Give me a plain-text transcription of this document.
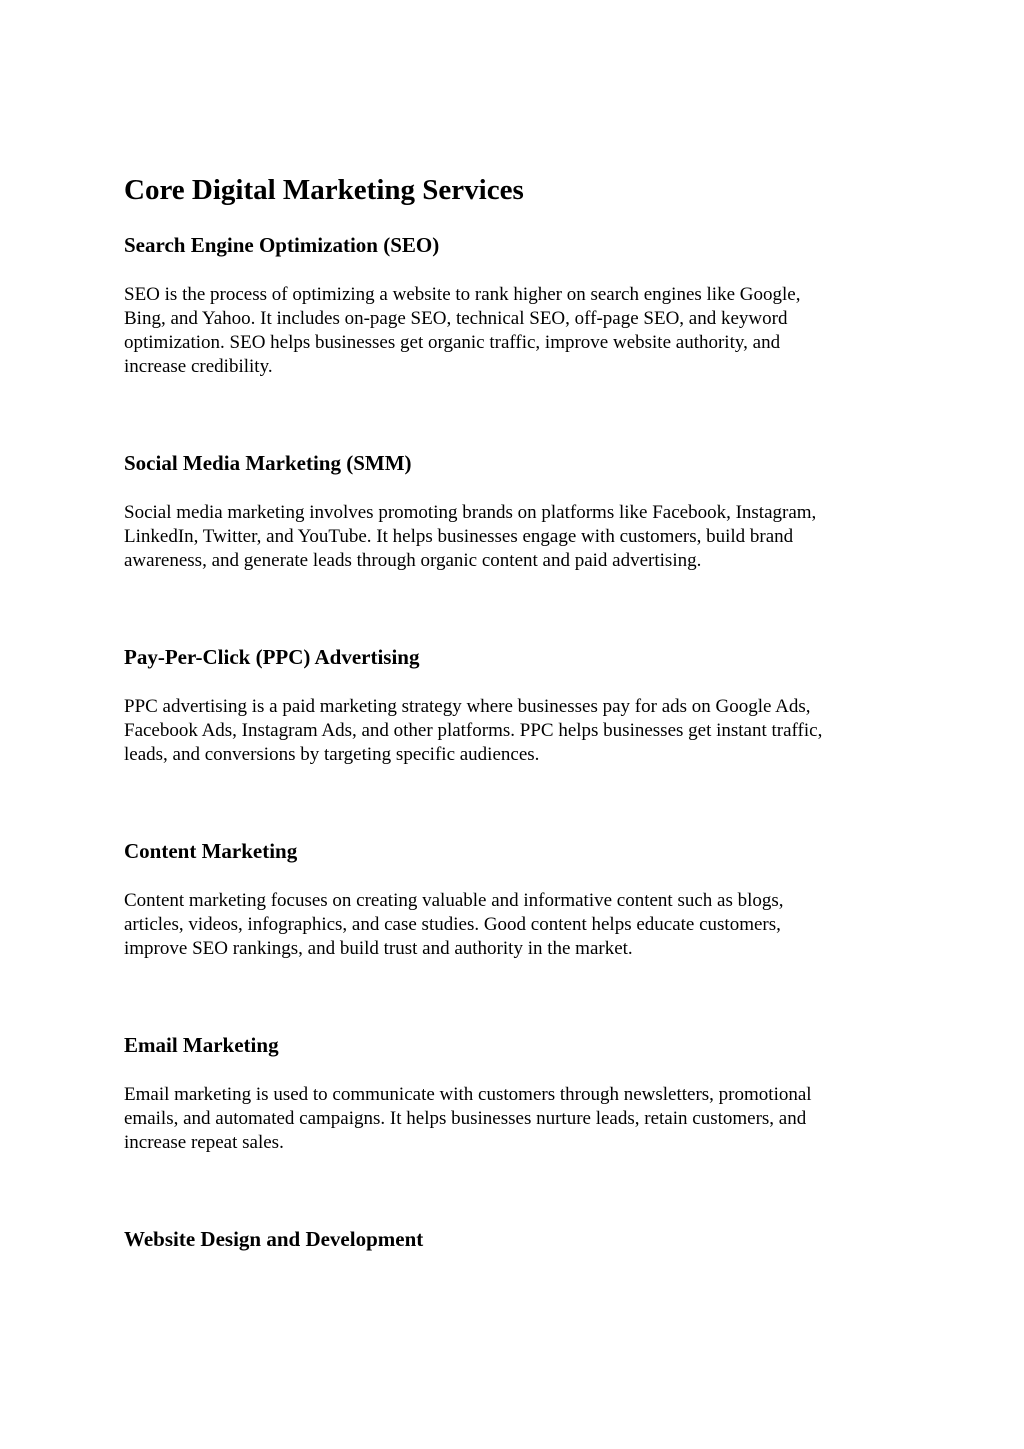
Core Digital Marketing Services
Search Engine Optimization (SEO)

SEO is the process of optimizing a website to rank higher on search engines like Google,
Bing, and Yahoo. It includes on-page SEO, technical SEO, off-page SEO, and keyword
optimization. SEO helps businesses get organic traffic, improve website authority, and
increase credibility.

Social Media Marketing (SMM)

Social media marketing involves promoting brands on platforms like Facebook, Instagram,
LinkedIn, Twitter, and YouTube. It helps businesses engage with customers, build brand
awareness, and generate leads through organic content and paid advertising.

Pay-Per-Click (PPC) Advertising

PPC advertising is a paid marketing strategy where businesses pay for ads on Google Ads,
Facebook Ads, Instagram Ads, and other platforms. PPC helps businesses get instant traffic,
leads, and conversions by targeting specific audiences.

Content Marketing

Content marketing focuses on creating valuable and informative content such as blogs,
articles, videos, infographics, and case studies. Good content helps educate customers,
improve SEO rankings, and build trust and authority in the market.

Email Marketing

Email marketing is used to communicate with customers through newsletters, promotional
emails, and automated campaigns. It helps businesses nurture leads, retain customers, and
increase repeat sales.

Website Design and Development
